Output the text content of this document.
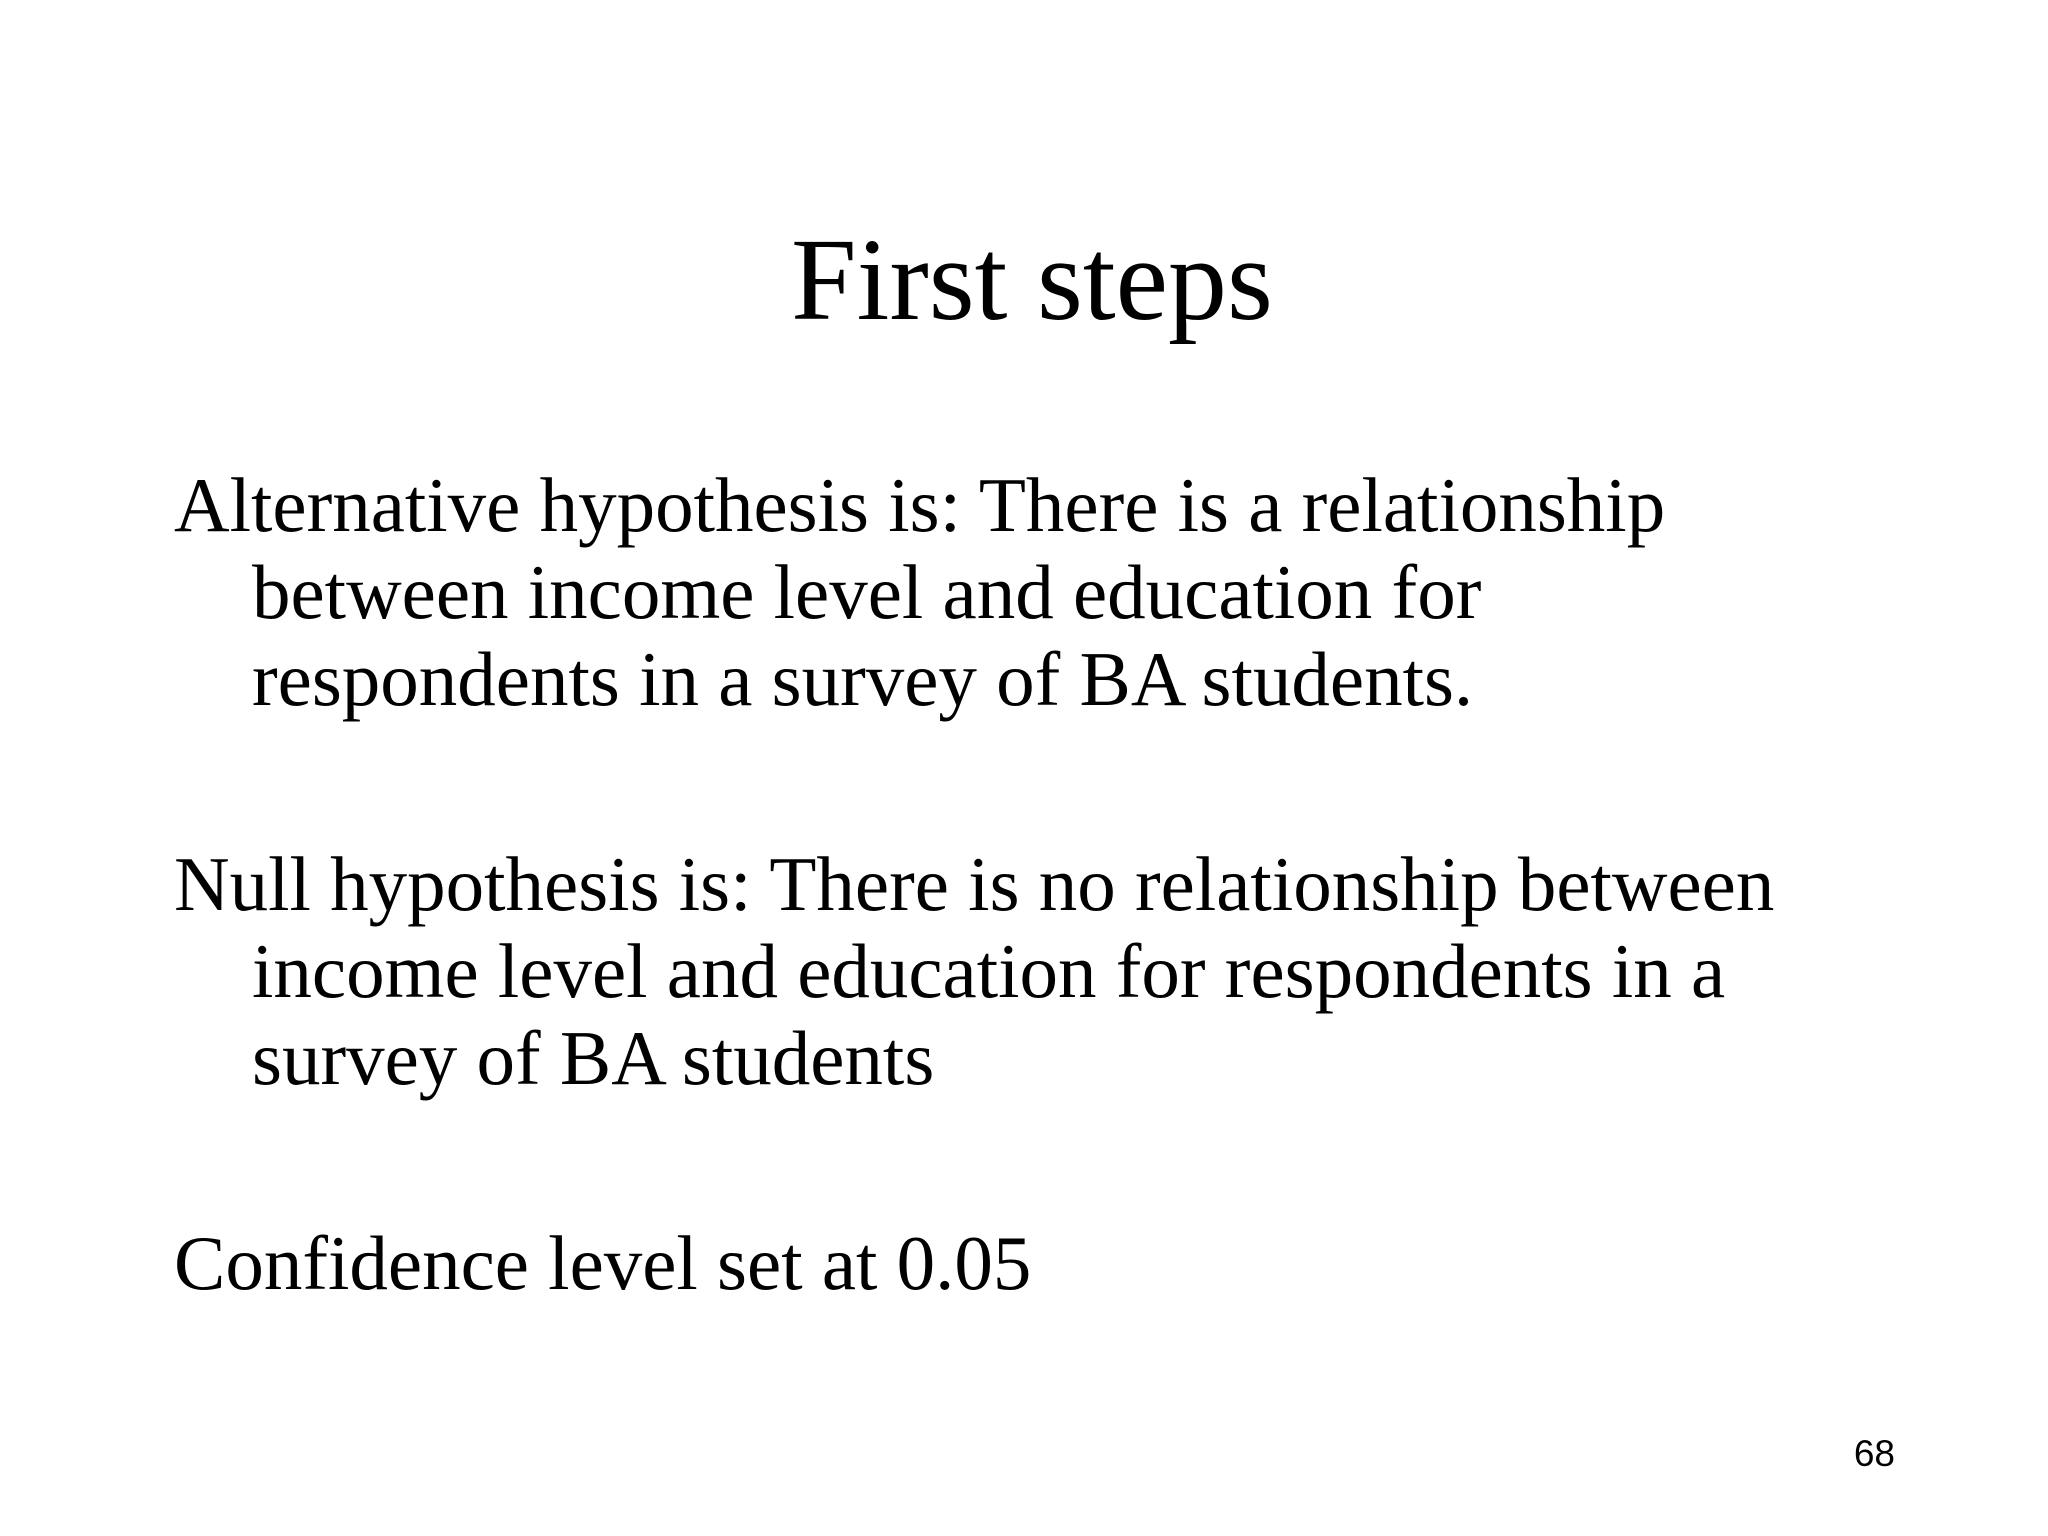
First steps

Alternative hypothesis is: There is a relationship
between income level and education for
respondents in a survey of BA students.

Null hypothesis is: There is no relationship between
income level and education for respondents in a
survey of BA students

Confidence level set at 0.05

68
